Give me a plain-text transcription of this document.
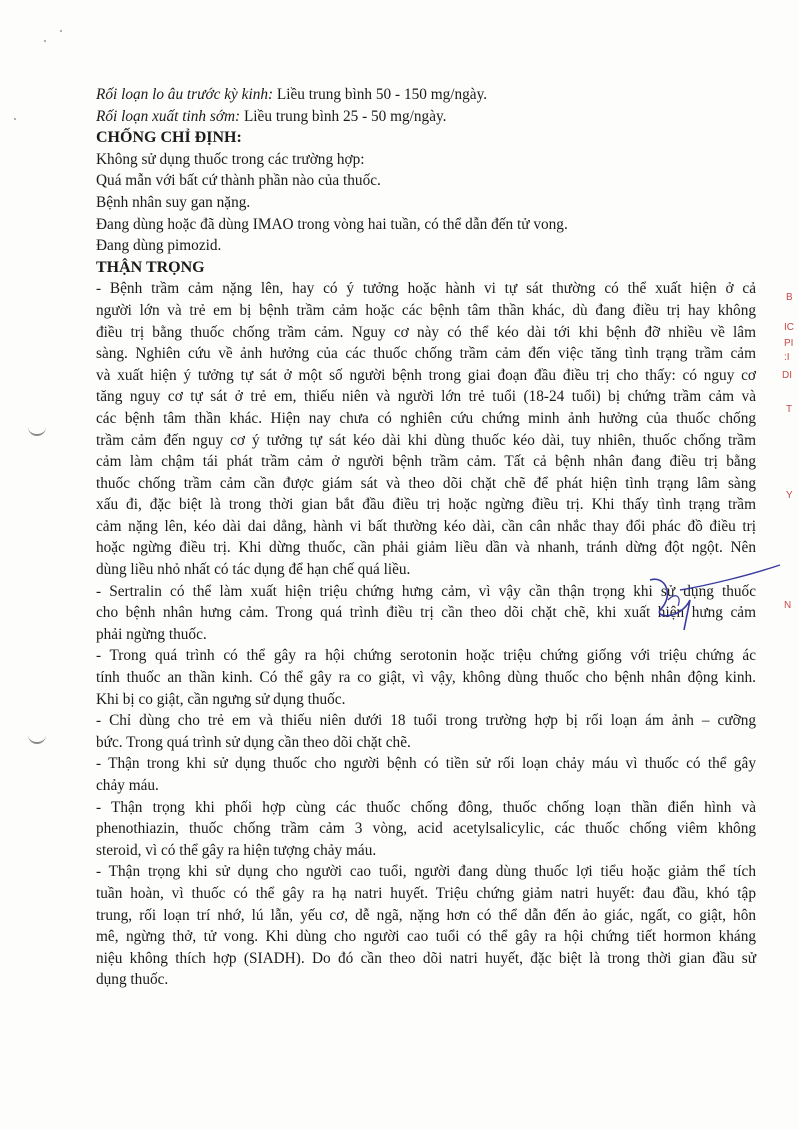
Rối loạn lo âu trước kỳ kinh: Liều trung bình 50 - 150 mg/ngày.
Rối loạn xuất tinh sớm: Liều trung bình 25 - 50 mg/ngày.
CHỐNG CHỈ ĐỊNH:
Không sử dụng thuốc trong các trường hợp:
Quá mẫn với bất cứ thành phần nào của thuốc.
Bệnh nhân suy gan nặng.
Đang dùng hoặc đã dùng IMAO trong vòng hai tuần, có thể dẫn đến tử vong.
Đang dùng pimozid.
THẬN TRỌNG
- Bệnh trầm cảm nặng lên, hay có ý tưởng hoặc hành vi tự sát thường có thể xuất hiện ở cả
người lớn và trẻ em bị bệnh trầm cảm hoặc các bệnh tâm thần khác, dù đang điều trị hay không
điều trị bằng thuốc chống trầm cảm. Nguy cơ này có thể kéo dài tới khi bệnh đỡ nhiều về lâm
sàng. Nghiên cứu về ảnh hưởng của các thuốc chống trầm cảm đến việc tăng tình trạng trầm cảm
và xuất hiện ý tưởng tự sát ở một số người bệnh trong giai đoạn đầu điều trị cho thấy: có nguy cơ
tăng nguy cơ tự sát ở trẻ em, thiếu niên và người lớn trẻ tuổi (18-24 tuổi) bị chứng trầm cảm và
các bệnh tâm thần khác. Hiện nay chưa có nghiên cứu chứng minh ảnh hưởng của thuốc chống
trầm cảm đến nguy cơ ý tưởng tự sát kéo dài khi dùng thuốc kéo dài, tuy nhiên, thuốc chống trầm
cảm làm chậm tái phát trầm cảm ở người bệnh trầm cảm. Tất cả bệnh nhân đang điều trị bằng
thuốc chống trầm cảm cần được giám sát và theo dõi chặt chẽ để phát hiện tình trạng lâm sàng
xấu đi, đặc biệt là trong thời gian bắt đầu điều trị hoặc ngừng điều trị. Khi thấy tình trạng trầm
cảm nặng lên, kéo dài dai dẳng, hành vi bất thường kéo dài, cần cân nhắc thay đổi phác đồ điều trị
hoặc ngừng điều trị. Khi dừng thuốc, cần phải giảm liều dần và nhanh, tránh dừng đột ngột. Nên
dùng liều nhỏ nhất có tác dụng để hạn chế quá liều.
- Sertralin có thể làm xuất hiện triệu chứng hưng cảm, vì vậy cần thận trọng khi sử dụng thuốc
cho bệnh nhân hưng cảm. Trong quá trình điều trị cần theo dõi chặt chẽ, khi xuất hiện hưng cảm
phải ngừng thuốc.
- Trong quá trình có thể gây ra hội chứng serotonin hoặc triệu chứng giống với triệu chứng ác
tính thuốc an thần kinh. Có thể gây ra co giật, vì vậy, không dùng thuốc cho bệnh nhân động kinh.
Khi bị co giật, cần ngưng sử dụng thuốc.
- Chỉ dùng cho trẻ em và thiếu niên dưới 18 tuổi trong trường hợp bị rối loạn ám ảnh – cưỡng
bức. Trong quá trình sử dụng cần theo dõi chặt chẽ.
- Thận trong khi sử dụng thuốc cho người bệnh có tiền sử rối loạn chảy máu vì thuốc có thể gây
chảy máu.
- Thận trọng khi phối hợp cùng các thuốc chống đông, thuốc chống loạn thần điển hình và
phenothiazin, thuốc chống trầm cảm 3 vòng, acid acetylsalicylic, các thuốc chống viêm không
steroid, vì có thể gây ra hiện tượng chảy máu.
- Thận trọng khi sử dụng cho người cao tuổi, người đang dùng thuốc lợi tiểu hoặc giảm thể tích
tuần hoàn, vì thuốc có thể gây ra hạ natri huyết. Triệu chứng giảm natri huyết: đau đầu, khó tập
trung, rối loạn trí nhớ, lú lẫn, yếu cơ, dễ ngã, nặng hơn có thể dẫn đến ảo giác, ngất, co giật, hôn
mê, ngừng thở, tử vong. Khi dùng cho người cao tuổi có thể gây ra hội chứng tiết hormon kháng
niệu không thích hợp (SIADH). Do đó cần theo dõi natri huyết, đặc biệt là trong thời gian đầu sử
dụng thuốc.
B
IC
PI
:I
DI
T
Y
N
